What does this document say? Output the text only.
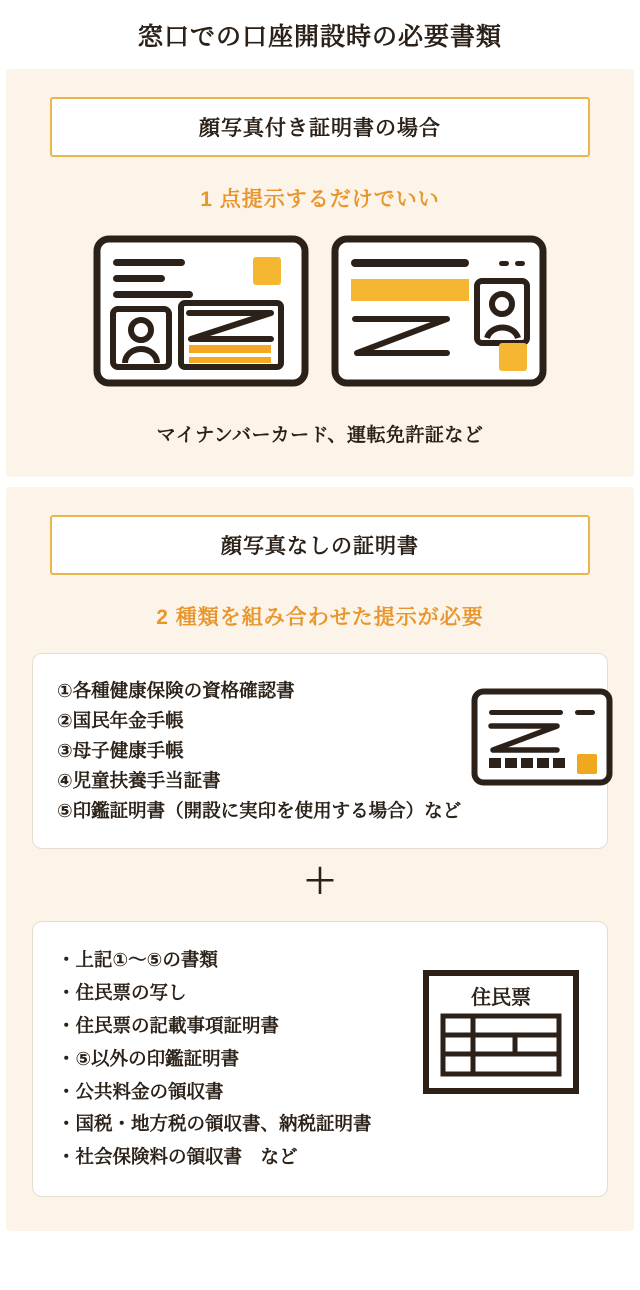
窓口での口座開設時の必要書類
顔写真付き証明書の場合
1 点提示するだけでいい
マイナンバーカード、運転免許証など
顔写真なしの証明書
2 種類を組み合わせた提示が必要
①各種健康保険の資格確認書
②国民年金手帳
③母子健康手帳
④児童扶養手当証書
⑤印鑑証明書（開設に実印を使用する場合）など
＋
・上記①〜⑤の書類
・住民票の写し
・住民票の記載事項証明書
・⑤以外の印鑑証明書
・公共料金の領収書
・国税・地方税の領収書、納税証明書
・社会保険料の領収書　など
住民票
